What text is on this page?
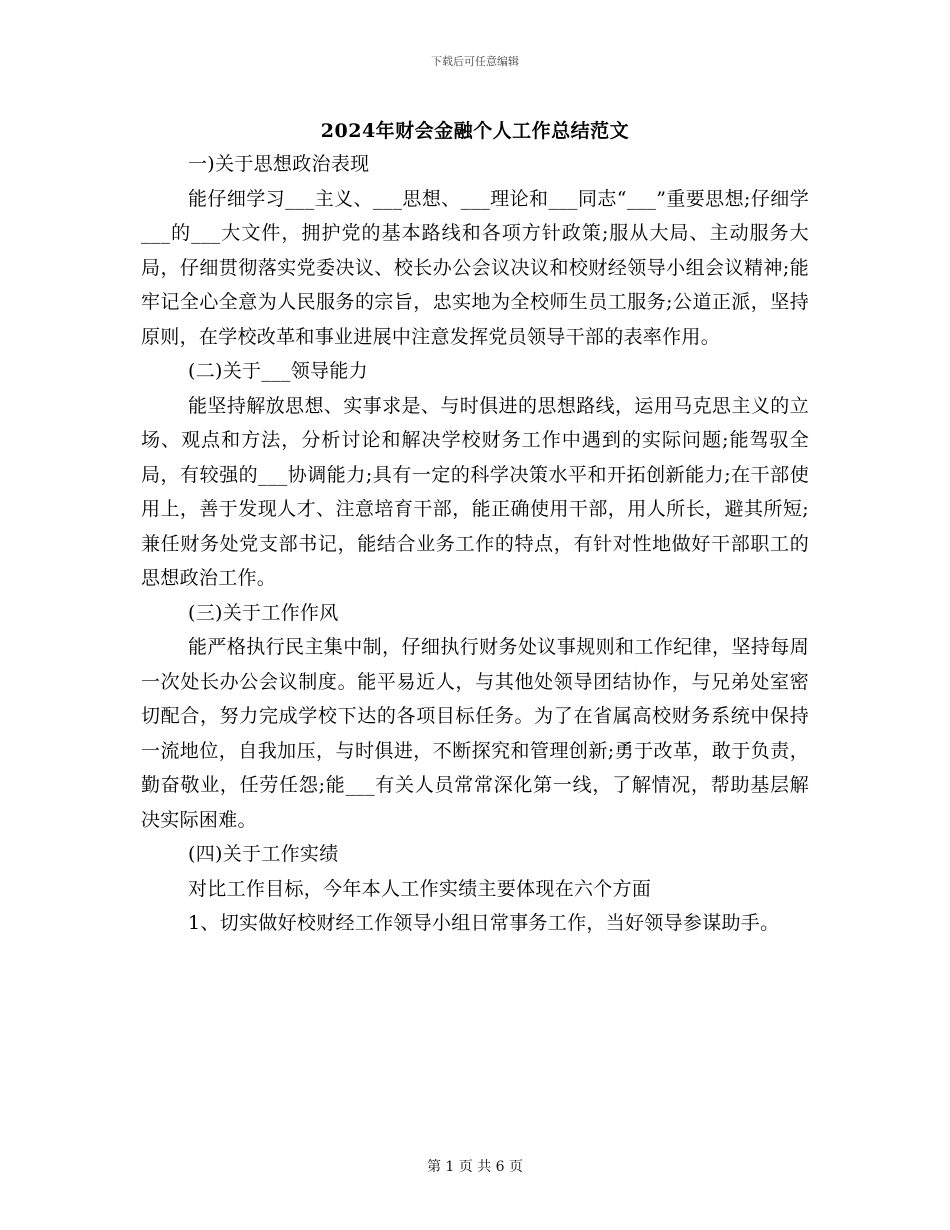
下载后可任意编辑
2024年财会金融个人工作总结范文

一)关于思想政治表现

能仔细学习___主义、___思想、___理论和___同志“___”重要思想;仔细学___的___大文件，拥护党的基本路线和各项方针政策;服从大局、主动服务大局，仔细贯彻落实党委决议、校长办公会议决议和校财经领导小组会议精神;能牢记全心全意为人民服务的宗旨，忠实地为全校师生员工服务;公道正派，坚持原则，在学校改革和事业进展中注意发挥党员领导干部的表率作用。

(二)关于___领导能力

能坚持解放思想、实事求是、与时俱进的思想路线，运用马克思主义的立场、观点和方法，分析讨论和解决学校财务工作中遇到的实际问题;能驾驭全局，有较强的___协调能力;具有一定的科学决策水平和开拓创新能力;在干部使用上，善于发现人才、注意培育干部，能正确使用干部，用人所长，避其所短;兼任财务处党支部书记，能结合业务工作的特点，有针对性地做好干部职工的思想政治工作。

(三)关于工作作风

能严格执行民主集中制，仔细执行财务处议事规则和工作纪律，坚持每周一次处长办公会议制度。能平易近人，与其他处领导团结协作，与兄弟处室密切配合，努力完成学校下达的各项目标任务。为了在省属高校财务系统中保持一流地位，自我加压，与时俱进，不断探究和管理创新;勇于改革，敢于负责，勤奋敬业，任劳任怨;能___有关人员常常深化第一线，了解情况，帮助基层解决实际困难。

(四)关于工作实绩

对比工作目标，今年本人工作实绩主要体现在六个方面

1、切实做好校财经工作领导小组日常事务工作，当好领导参谋助手。

第 1 页 共 6 页
